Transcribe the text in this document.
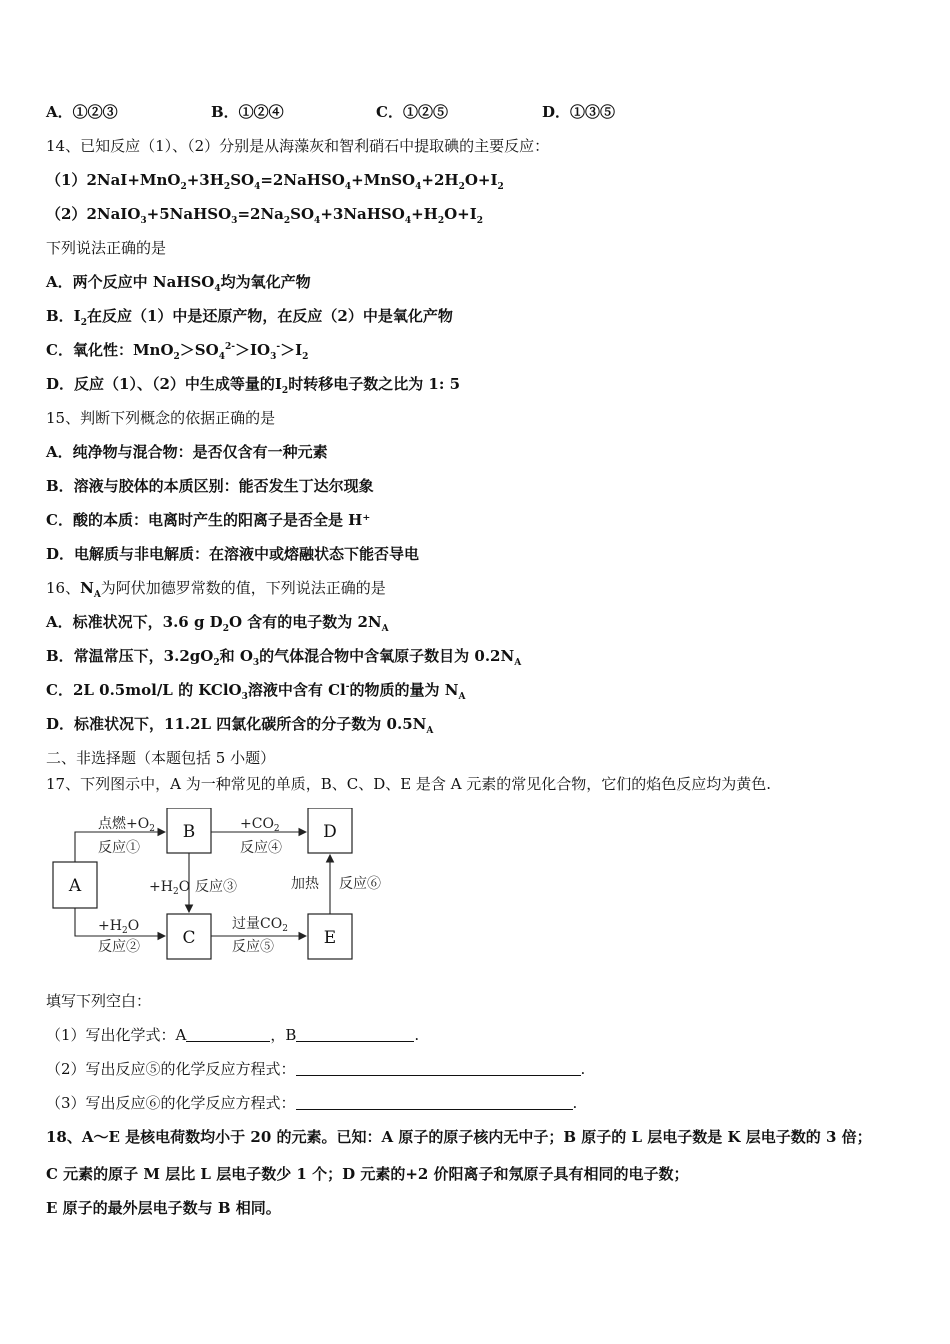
A．①②③	B．①②④	C．①②⑤	D．①③⑤
14、已知反应（1）、（2）分别是从海藻灰和智利硝石中提取碘的主要反应：
$(1)2NaI+MnO_2+3H_2SO_4=2NaHSO_4+MnSO_4+2H_2O+I_2$
$(2)2NaIO_3+5NaHSO_3=2Na_2SO_4+3NaHSO_4+H_2O+I_2$
下列说法正确的是
A．两个反应中 NaHSO$_4$均为氧化产物
B．$I_2$在反应（1）中是还原产物，在反应（2）中是氧化产物
C．氧化性：$MnO_2>SO_4^{2-}>IO_3^->I_2$
D．反应（1）、（2）中生成等量的$I_2$时转移电子数之比为 1: 5
15、判断下列概念的依据正确的是
A．纯净物与混合物：是否仅含有一种元素
B．溶液与胶体的本质区别：能否发生丁达尔现象
C．酸的本质：电离时产生的阳离子是否全是 H⁺
D．电解质与非电解质：在溶液中或熔融状态下能否导电
16、$N_A$为阿伏加德罗常数的值，下列说法正确的是
A．标准状况下，3.6 g $D_2O$ 含有的电子数为 $2N_A$
B．常温常压下，$3.2gO_2$和 $O_3$的气体混合物中含氧原子数目为 $0.2N_A$
C．2L 0.5mol/L 的 KClO$_3$溶液中含有 Cl-的物质的量为 $N_A$
D．标准状况下，11.2L 四氯化碳所含的分子数为 $0.5N_A$
二、非选择题（本题包括 5 小题）
17、下列图示中，A 为一种常见的单质，B、C、D、E 是含 A 元素的常见化合物，它们的焰色反应均为黄色.
A
B
C
D
E
点燃$+O_2$
反应①
$+CO_2$
反应④
$+H_2O$ 反应③
$+H_2O$
反应②
过量$CO_2$
反应⑤
加热 反应⑥
填写下列空白：
（1）写出化学式：A	，B	.
（2）写出反应⑤的化学反应方程式：	.
（3）写出反应⑥的化学反应方程式：	.
18、A～E 是核电荷数均小于 20 的元素。已知：A 原子的原子核内无中子；B 原子的 L 层电子数是 K 层电子数的 3 倍；
C 元素的原子 M 层比 L 层电子数少 1 个；D 元素的+2 价阳离子和氖原子具有相同的电子数；
E 原子的最外层电子数与 B 相同。
